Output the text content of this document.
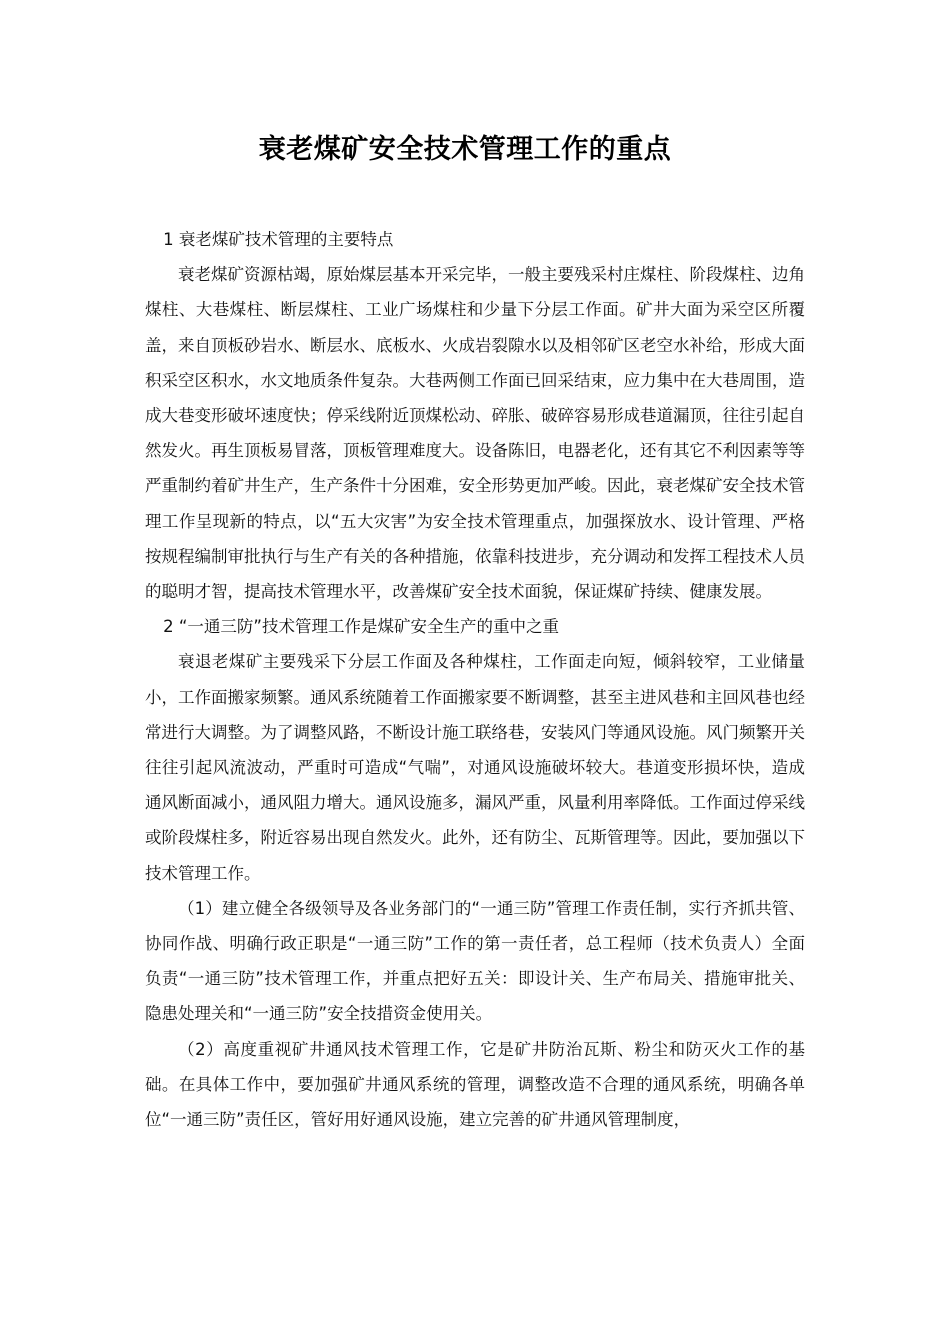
衰老煤矿安全技术管理工作的重点

1 衰老煤矿技术管理的主要特点

衰老煤矿资源枯竭，原始煤层基本开采完毕，一般主要残采村庄煤柱、阶段煤柱、边角煤柱、大巷煤柱、断层煤柱、工业广场煤柱和少量下分层工作面。矿井大面为采空区所覆盖，来自顶板砂岩水、断层水、底板水、火成岩裂隙水以及相邻矿区老空水补给，形成大面积采空区积水，水文地质条件复杂。大巷两侧工作面已回采结束，应力集中在大巷周围，造成大巷变形破坏速度快；停采线附近顶煤松动、碎胀、破碎容易形成巷道漏顶，往往引起自然发火。再生顶板易冒落，顶板管理难度大。设备陈旧，电器老化，还有其它不利因素等等严重制约着矿井生产，生产条件十分困难，安全形势更加严峻。因此，衰老煤矿安全技术管理工作呈现新的特点，以“五大灾害”为安全技术管理重点，加强探放水、设计管理、严格按规程编制审批执行与生产有关的各种措施，依靠科技进步，充分调动和发挥工程技术人员的聪明才智，提高技术管理水平，改善煤矿安全技术面貌，保证煤矿持续、健康发展。

2 “一通三防”技术管理工作是煤矿安全生产的重中之重

衰退老煤矿主要残采下分层工作面及各种煤柱，工作面走向短，倾斜较窄，工业储量小，工作面搬家频繁。通风系统随着工作面搬家要不断调整，甚至主进风巷和主回风巷也经常进行大调整。为了调整风路，不断设计施工联络巷，安装风门等通风设施。风门频繁开关往往引起风流波动，严重时可造成“气喘”，对通风设施破坏较大。巷道变形损坏快，造成通风断面减小，通风阻力增大。通风设施多，漏风严重，风量利用率降低。工作面过停采线或阶段煤柱多，附近容易出现自然发火。此外，还有防尘、瓦斯管理等。因此，要加强以下技术管理工作。

（1）建立健全各级领导及各业务部门的“一通三防”管理工作责任制，实行齐抓共管、协同作战、明确行政正职是“一通三防”工作的第一责任者，总工程师（技术负责人）全面负责“一通三防”技术管理工作，并重点把好五关：即设计关、生产布局关、措施审批关、隐患处理关和“一通三防”安全技措资金使用关。

（2）高度重视矿井通风技术管理工作，它是矿井防治瓦斯、粉尘和防灭火工作的基础。在具体工作中，要加强矿井通风系统的管理，调整改造不合理的通风系统，明确各单位“一通三防”责任区，管好用好通风设施，建立完善的矿井通风管理制度，
